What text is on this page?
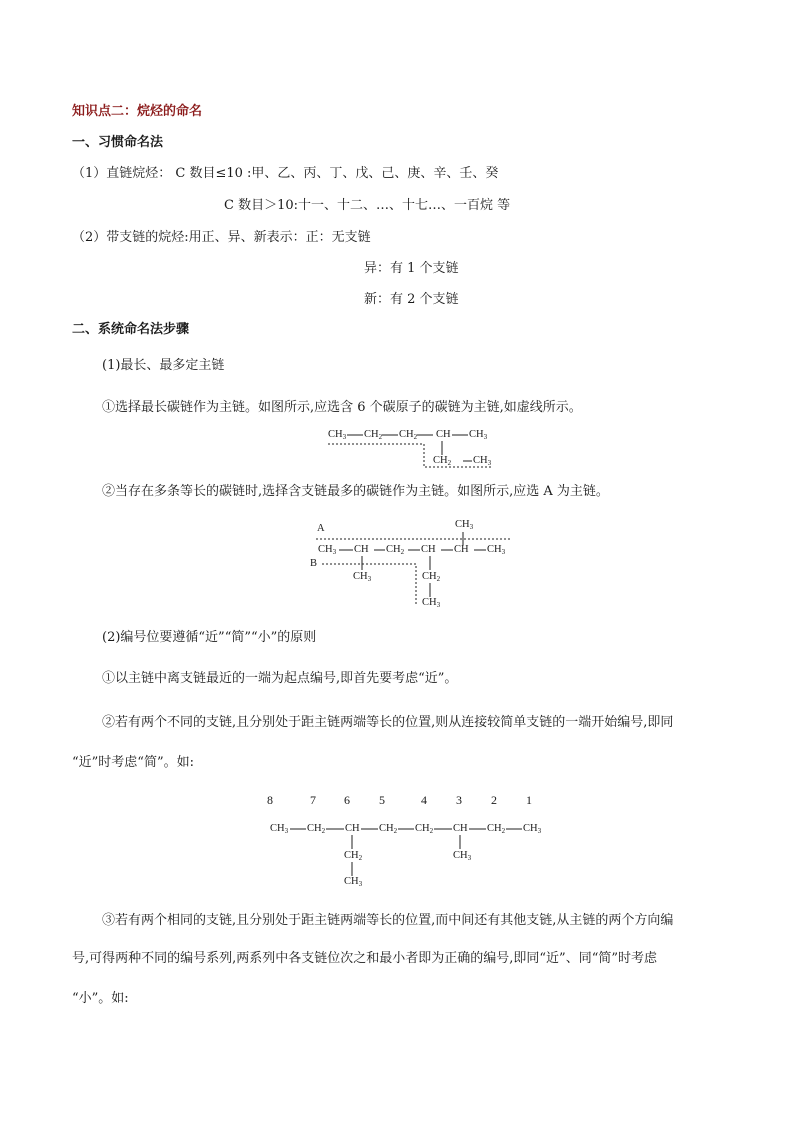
知识点二：烷烃的命名
一、习惯命名法
（1）直链烷烃： C 数目≤10 :甲、乙、丙、丁、戊、己、庚、辛、壬、癸
C 数目＞10:十一、十二、…、十七…、一百烷 等
（2）带支链的烷烃:用正、异、新表示：正：无支链
异：有 1 个支链
新：有 2 个支链
二、系统命名法步骤
(1)最长、最多定主链
①选择最长碳链作为主链。如图所示,应选含 6 个碳原子的碳链为主链,如虚线所示。
$CH_3$ $CH_2$ $CH_2$ CH $CH_3$
$CH_2$ $CH_3$
②当存在多条等长的碳链时,选择含支链最多的碳链作为主链。如图所示,应选 A 为主链。
A
B
$CH_3$
$CH_3$ CH $CH_2$ CH CH $CH_3$
$CH_3$	$CH_2$
$CH_3$
(2)编号位要遵循“近”“简”“小”的原则
①以主链中离支链最近的一端为起点编号,即首先要考虑“近”。
②若有两个不同的支链,且分别处于距主链两端等长的位置,则从连接较简单支链的一端开始编号,即同
“近”时考虑“简”。如:
8	7 6 5	4 3 2 1
$CH_3$ $CH_2$ CH $CH_2$ $CH_2$ CH $CH_2$ $CH_3$
$CH_2$
$CH_3$
$CH_3$
③若有两个相同的支链,且分别处于距主链两端等长的位置,而中间还有其他支链,从主链的两个方向编
号,可得两种不同的编号系列,两系列中各支链位次之和最小者即为正确的编号,即同“近”、同“简”时考虑
“小”。如:
